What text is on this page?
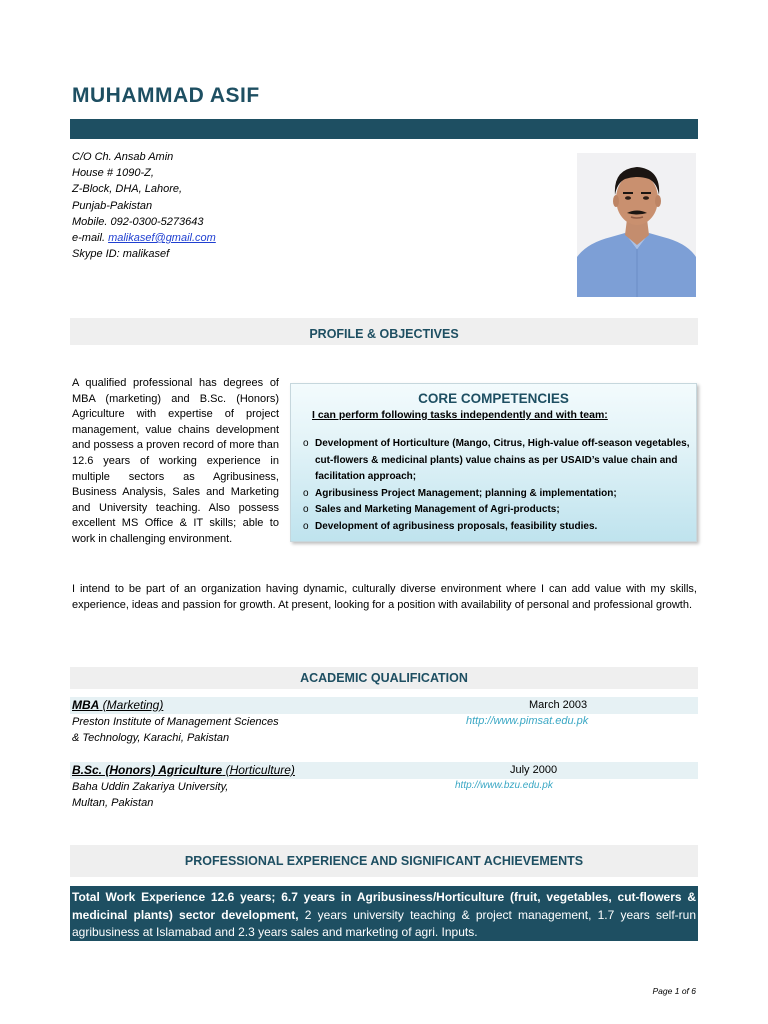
MUHAMMAD ASIF
C/O Ch. Ansab Amin
House # 1090-Z,
Z-Block, DHA, Lahore,
Punjab-Pakistan
Mobile. 092-0300-5273643
e-mail. malikasef@gmail.com
Skype ID: malikasef
PROFILE & OBJECTIVES
A qualified professional has degrees of MBA (marketing) and B.Sc. (Honors) Agriculture with expertise of project management, value chains development and possess a proven record of more than 12.6 years of working experience in multiple sectors as Agribusiness, Business Analysis, Sales and Marketing and University teaching. Also possess excellent MS Office & IT skills; able to work in challenging environment.
CORE COMPETENCIES
I can perform following tasks independently and with team:
o Development of Horticulture (Mango, Citrus, High-value off-season vegetables, cut-flowers & medicinal plants) value chains as per USAID’s value chain and facilitation approach;
o Agribusiness Project Management; planning & implementation;
o Sales and Marketing Management of Agri-products;
o Development of agribusiness proposals, feasibility studies.
I intend to be part of an organization having dynamic, culturally diverse environment where I can add value with my skills, experience, ideas and passion for growth. At present, looking for a position with availability of personal and professional growth.
ACADEMIC QUALIFICATION
MBA (Marketing)	March 2003
Preston Institute of Management Sciences
& Technology, Karachi, Pakistan
http://www.pimsat.edu.pk
B.Sc. (Honors) Agriculture (Horticulture)	July 2000
Baha Uddin Zakariya University,
Multan, Pakistan
http://www.bzu.edu.pk
PROFESSIONAL EXPERIENCE AND SIGNIFICANT ACHIEVEMENTS
Total Work Experience 12.6 years; 6.7 years in Agribusiness/Horticulture (fruit, vegetables, cut-flowers & medicinal plants) sector development, 2 years university teaching & project management, 1.7 years self-run agribusiness at Islamabad and 2.3 years sales and marketing of agri. Inputs.
Page 1 of 6
